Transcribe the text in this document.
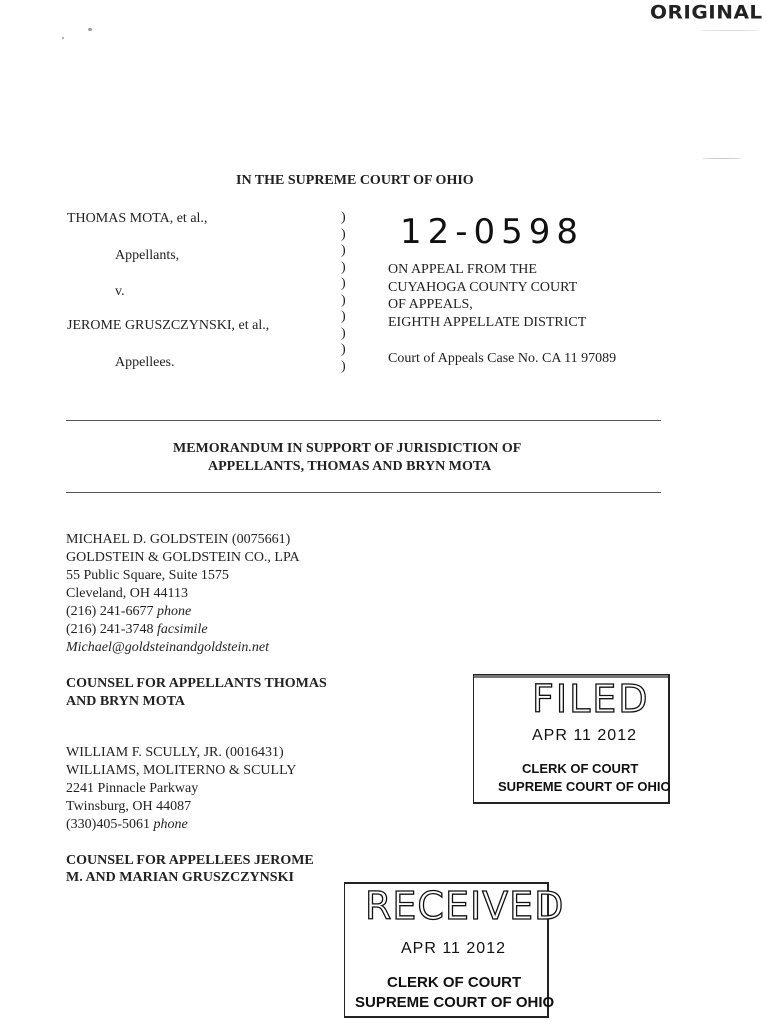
ORIGINAL
IN THE SUPREME COURT OF OHIO
THOMAS MOTA, et al.,
Appellants,
v.
JEROME GRUSZCZYNSKI, et al.,
Appellees.
)
)
)
)
)
)
)
)
)
)
12-0598
ON APPEAL FROM THE
CUYAHOGA COUNTY COURT
OF APPEALS,
EIGHTH APPELLATE DISTRICT
Court of Appeals Case No. CA 11 97089
MEMORANDUM IN SUPPORT OF JURISDICTION OF
APPELLANTS, THOMAS AND BRYN MOTA
MICHAEL D. GOLDSTEIN (0075661)
GOLDSTEIN & GOLDSTEIN CO., LPA
55 Public Square, Suite 1575
Cleveland, OH 44113
(216) 241-6677 phone
(216) 241-3748 facsimile
Michael@goldsteinandgoldstein.net
COUNSEL FOR APPELLANTS THOMAS
AND BRYN MOTA
WILLIAM F. SCULLY, JR. (0016431)
WILLIAMS, MOLITERNO & SCULLY
2241 Pinnacle Parkway
Twinsburg, OH 44087
(330)405-5061 phone
COUNSEL FOR APPELLEES JEROME
M. AND MARIAN GRUSZCZYNSKI
FILED
APR 11 2012
CLERK OF COURT
SUPREME COURT OF OHIO
RECEIVED
APR 11 2012
CLERK OF COURT
SUPREME COURT OF OHIO
